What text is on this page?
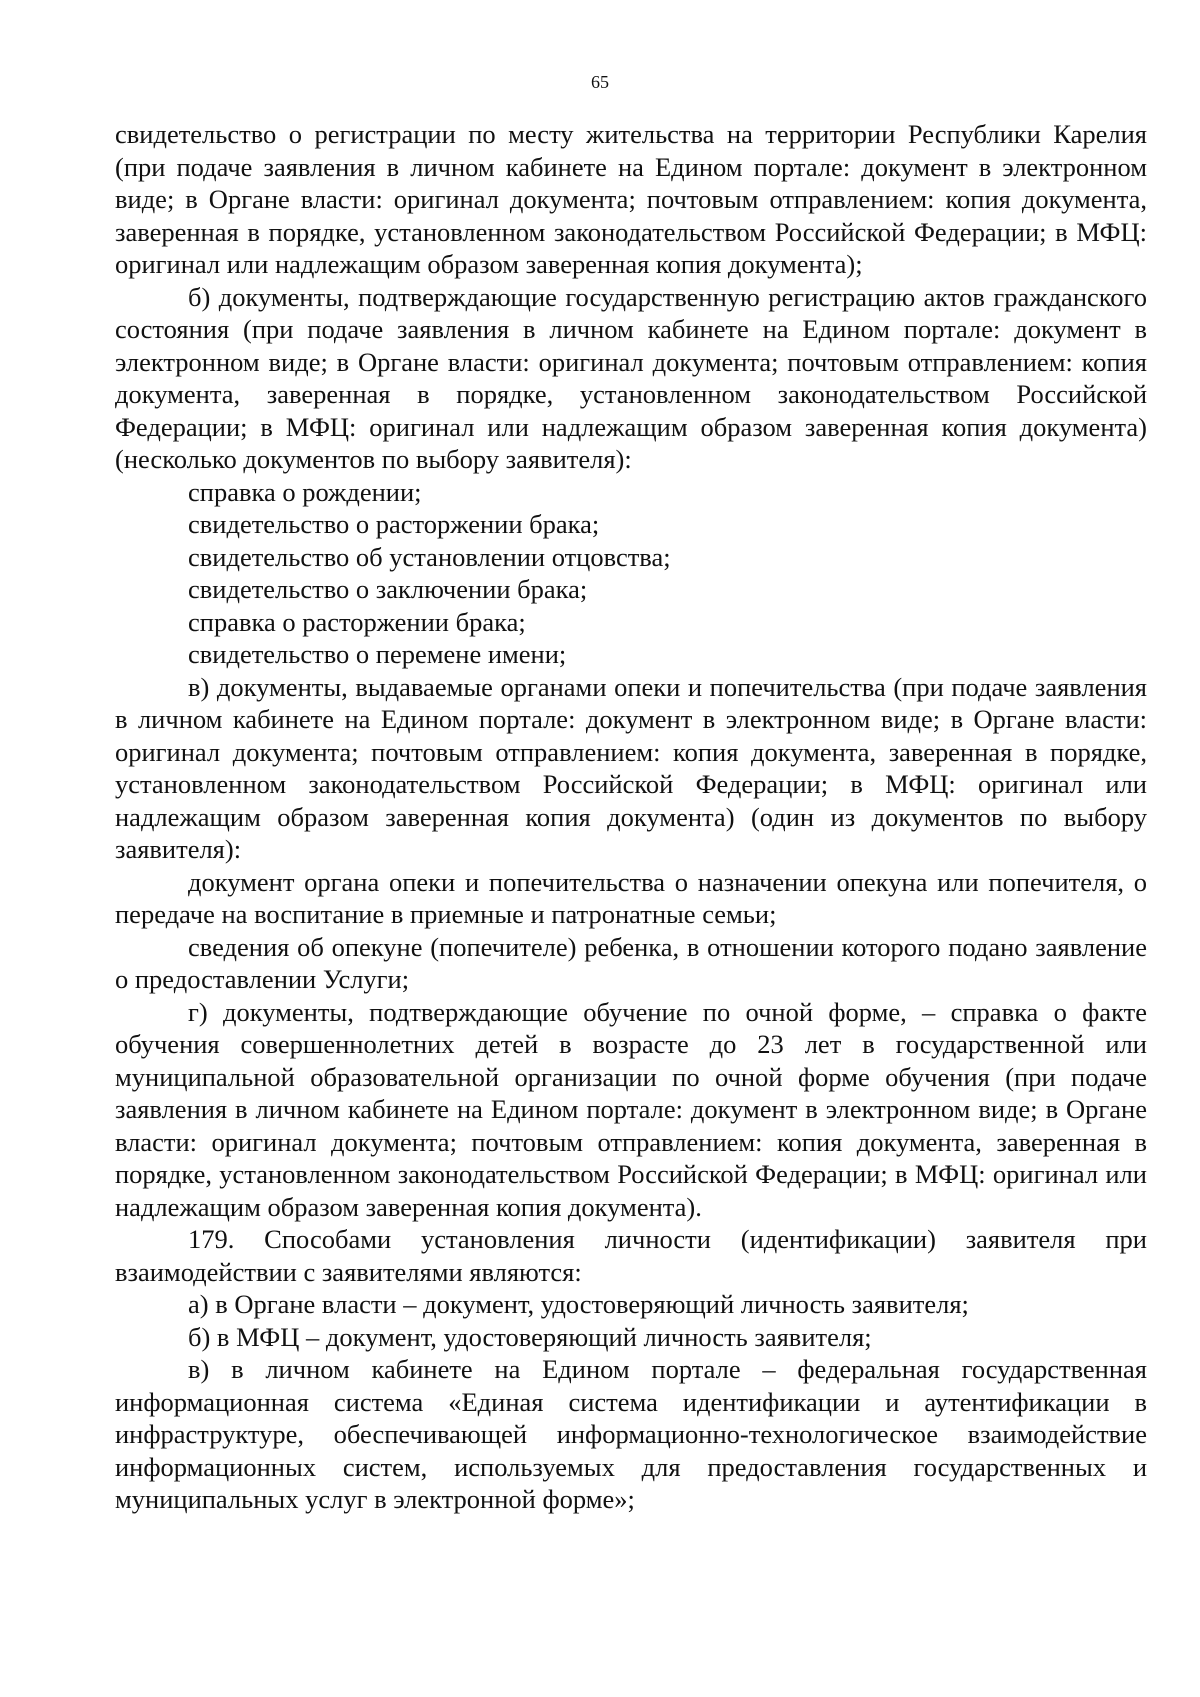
65

свидетельство о регистрации по месту жительства на территории Республики Карелия (при подаче заявления в личном кабинете на Едином портале: документ в электронном виде; в Органе власти: оригинал документа; почтовым отправлением: копия документа, заверенная в порядке, установленном законодательством Российской Федерации; в МФЦ: оригинал или надлежащим образом заверенная копия документа);

б) документы, подтверждающие государственную регистрацию актов гражданского состояния (при подаче заявления в личном кабинете на Едином портале: документ в электронном виде; в Органе власти: оригинал документа; почтовым отправлением: копия документа, заверенная в порядке, установленном законодательством Российской Федерации; в МФЦ: оригинал или надлежащим образом заверенная копия документа) (несколько документов по выбору заявителя):

справка о рождении;

свидетельство о расторжении брака;

свидетельство об установлении отцовства;

свидетельство о заключении брака;

справка о расторжении брака;

свидетельство о перемене имени;

в) документы, выдаваемые органами опеки и попечительства (при подаче заявления в личном кабинете на Едином портале: документ в электронном виде; в Органе власти: оригинал документа; почтовым отправлением: копия документа, заверенная в порядке, установленном законодательством Российской Федерации; в МФЦ: оригинал или надлежащим образом заверенная копия документа) (один из документов по выбору заявителя):

документ органа опеки и попечительства о назначении опекуна или попечителя, о передаче на воспитание в приемные и патронатные семьи;

сведения об опекуне (попечителе) ребенка, в отношении которого подано заявление о предоставлении Услуги;

г) документы, подтверждающие обучение по очной форме, – справка о факте обучения совершеннолетних детей в возрасте до 23 лет в государственной или муниципальной образовательной организации по очной форме обучения (при подаче заявления в личном кабинете на Едином портале: документ в электронном виде; в Органе власти: оригинал документа; почтовым отправлением: копия документа, заверенная в порядке, установленном законодательством Российской Федерации; в МФЦ: оригинал или надлежащим образом заверенная копия документа).

179. Способами установления личности (идентификации) заявителя при взаимодействии с заявителями являются:

а) в Органе власти – документ, удостоверяющий личность заявителя;

б) в МФЦ – документ, удостоверяющий личность заявителя;

в) в личном кабинете на Едином портале – федеральная государственная информационная система «Единая система идентификации и аутентификации в инфраструктуре, обеспечивающей информационно-технологическое взаимодействие информационных систем, используемых для предоставления государственных и муниципальных услуг в электронной форме»;
